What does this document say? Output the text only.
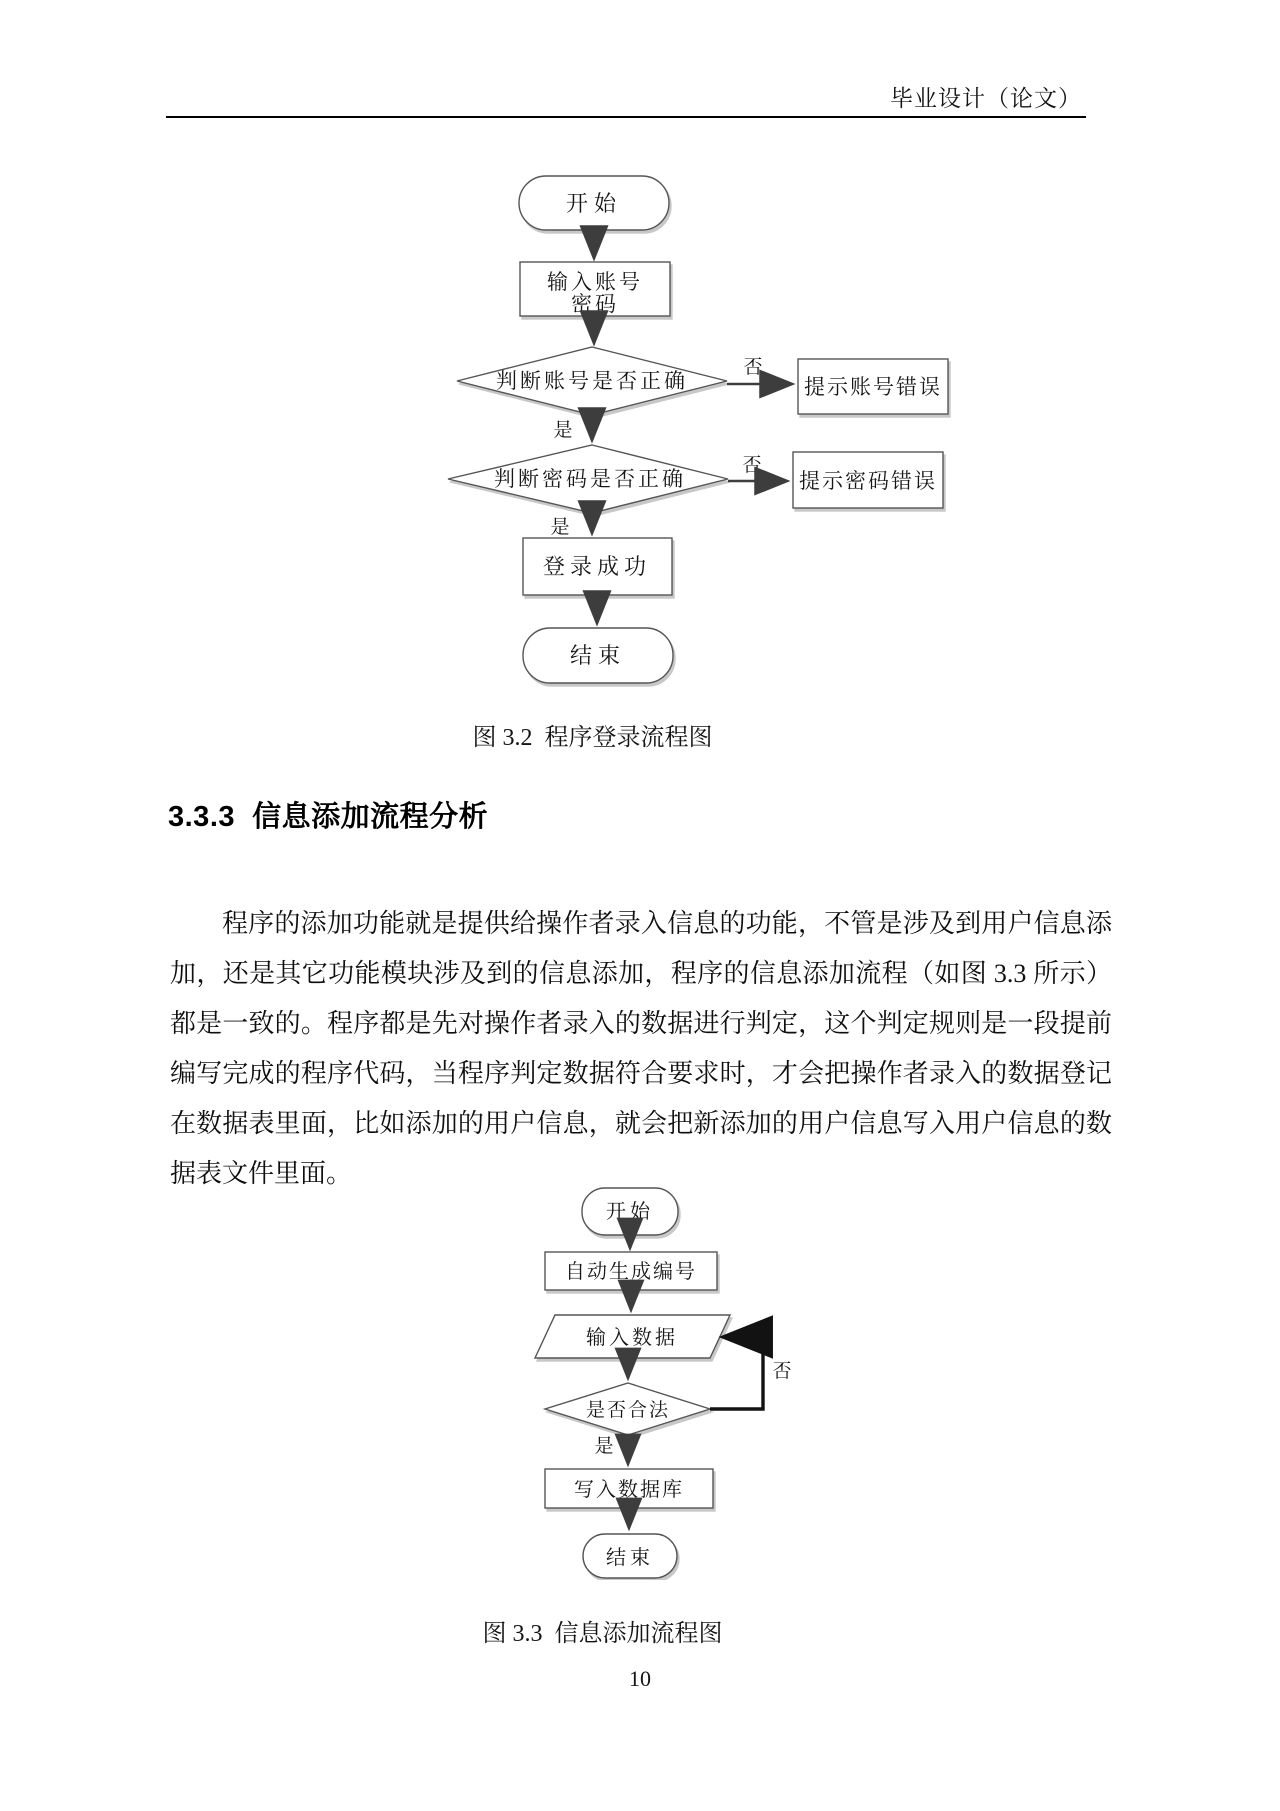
毕业设计（论文）
开始
输入账号
密码
判断账号是否正确
否
提示账号错误
是
判断密码是否正确
否
提示密码错误
是
登录成功
结束
图 3.2  程序登录流程图
3.3.3  信息添加流程分析

程序的添加功能就是提供给操作者录入信息的功能，不管是涉及到用户信息添加，还是其它功能模块涉及到的信息添加，程序的信息添加流程（如图 3.3 所示）都是一致的。程序都是先对操作者录入的数据进行判定，这个判定规则是一段提前编写完成的程序代码，当程序判定数据符合要求时，才会把操作者录入的数据登记在数据表里面，比如添加的用户信息，就会把新添加的用户信息写入用户信息的数据表文件里面。

开始
自动生成编号
输入数据
是否合法
否
是
写入数据库
结束
图 3.3  信息添加流程图
10
